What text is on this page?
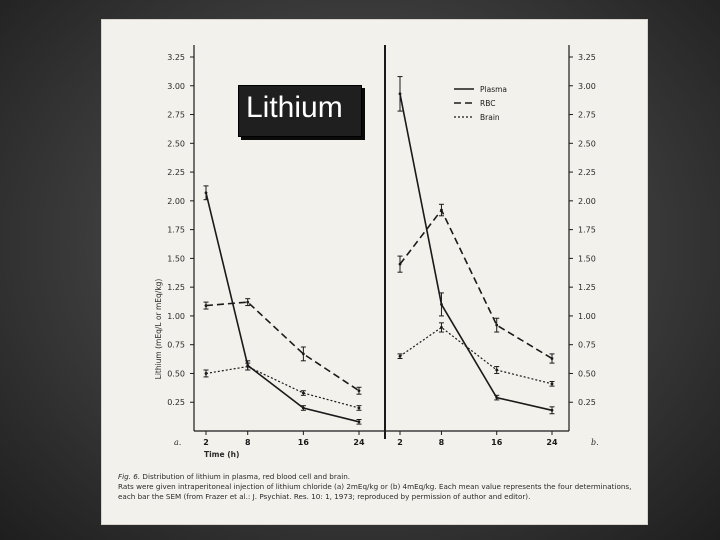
0.25
0.50
0.75
1.00
1.25
1.50
1.75
2.00
2.25
2.50
2.75
3.00
3.25
2	8	16	24
a.
Time (h)
Lithium (mEq/L or mEq/kg)
0.25
0.50
0.75
1.00
1.25
1.50
1.75
2.00
2.25
2.50
2.75
3.00
3.25
2	8	16	24	b.
Plasma
RBC
Brain
Lithium
Fig. 6. Distribution of lithium in plasma, red blood cell and brain.
Rats were given intraperitoneal injection of lithium chloride (a) 2mEq/kg or (b) 4mEq/kg. Each mean value represents the four determinations, each bar the SEM (from Frazer et al.: J. Psychiat. Res. 10: 1, 1973; reproduced by permission of author and editor).
